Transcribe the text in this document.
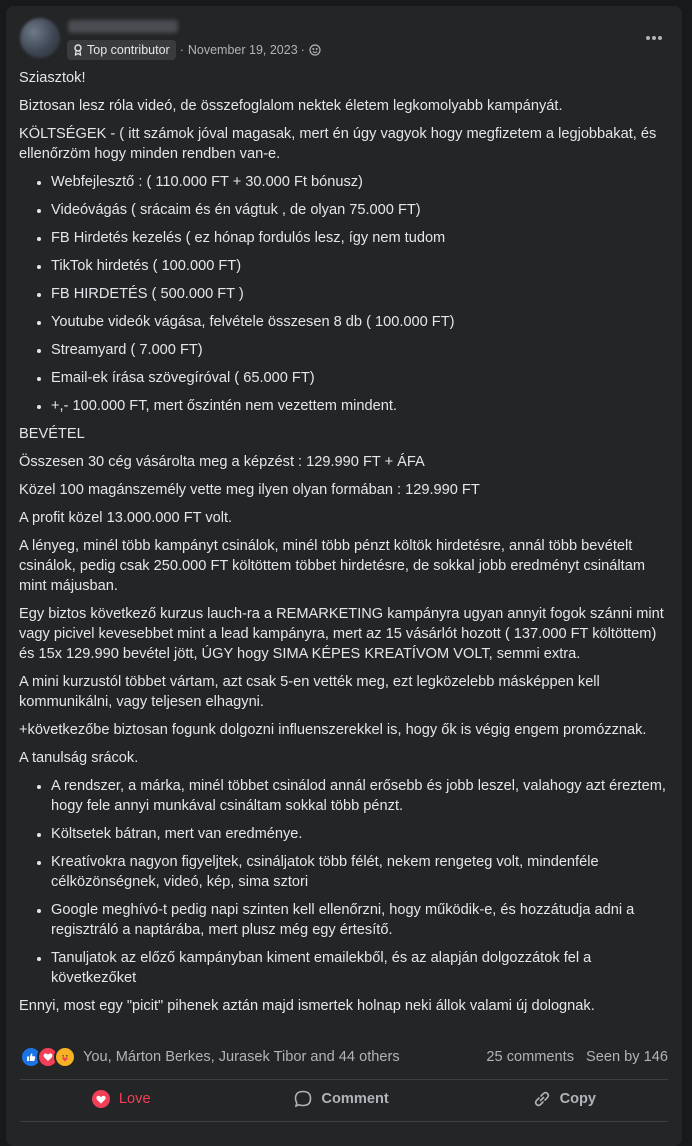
Top contributor · November 19, 2023 ·

Sziasztok!

Biztosan lesz róla videó, de összefoglalom nektek életem legkomolyabb kampányát.

KÖLTSÉGEK - ( itt számok jóval magasak, mert én úgy vagyok hogy megfizetem a legjobbakat, és ellenőrzöm hogy minden rendben van-e.

• Webfejlesztő : ( 110.000 FT + 30.000 Ft bónusz)
• Videóvágás ( srácaim és én vágtuk , de olyan 75.000 FT)
• FB Hirdetés kezelés ( ez hónap fordulós lesz, így nem tudom
• TikTok hirdetés ( 100.000 FT)
• FB HIRDETÉS ( 500.000 FT )
• Youtube videók vágása, felvétele összesen 8 db ( 100.000 FT)
• Streamyard ( 7.000 FT)
• Email-ek írása szövegíróval ( 65.000 FT)
• +,- 100.000 FT, mert őszintén nem vezettem mindent.

BEVÉTEL

Összesen 30 cég vásárolta meg a képzést : 129.990 FT + ÁFA

Közel 100 magánszemély vette meg ilyen olyan formában : 129.990 FT

A profit közel 13.000.000 FT volt.

A lényeg, minél több kampányt csinálok, minél több pénzt költök hirdetésre, annál több bevételt csinálok, pedig csak 250.000 FT költöttem többet hirdetésre, de sokkal jobb eredményt csináltam mint májusban.

Egy biztos következő kurzus lauch-ra a REMARKETING kampányra ugyan annyit fogok szánni mint vagy picivel kevesebbet mint a lead kampányra, mert az 15 vásárlót hozott ( 137.000 FT költöttem) és 15x 129.990 bevétel jött, ÚGY hogy SIMA KÉPES KREATÍVOM VOLT, semmi extra.

A mini kurzustól többet vártam, azt csak 5-en vették meg, ezt legközelebb másképpen kell kommunikálni, vagy teljesen elhagyni.

+következőbe biztosan fogunk dolgozni influenszerekkel is, hogy ők is végig engem promózznak.

A tanulság srácok.

• A rendszer, a márka, minél többet csinálod annál erősebb és jobb leszel, valahogy azt éreztem, hogy fele annyi munkával csináltam sokkal több pénzt.
• Költsetek bátran, mert van eredménye.
• Kreatívokra nagyon figyeljtek, csináljatok több félét, nekem rengeteg volt, mindenféle célközönségnek, videó, kép, sima sztori
• Google meghívó-t pedig napi szinten kell ellenőrzni, hogy működik-e, és hozzátudja adni a regisztráló a naptárába, mert plusz még egy értesítő.
• Tanuljatok az előző kampányban kiment emailekből, és az alapján dolgozzátok fel a következőket

Ennyi, most egy "picit" pihenek aztán majd ismertek holnap neki állok valami új dolognak.

You, Márton Berkes, Jurasek Tibor and 44 others	25 comments Seen by 146
Love	Comment	Copy
